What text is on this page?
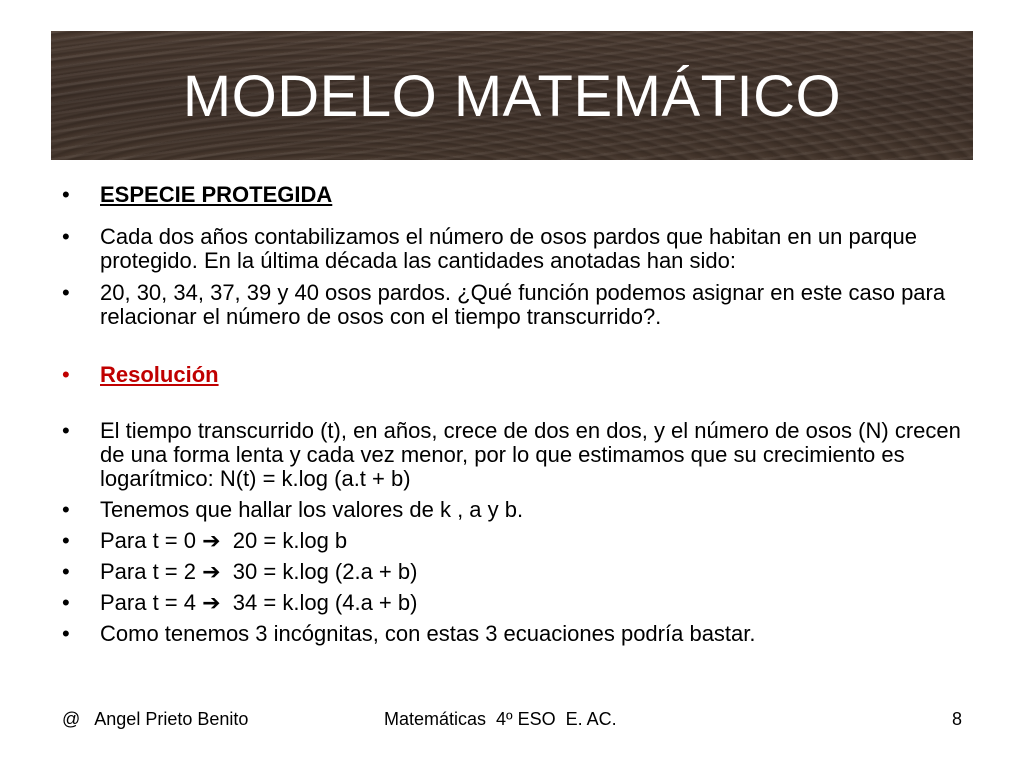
MODELO MATEMÁTICO
• ESPECIE PROTEGIDA
• Cada dos años contabilizamos el número de osos pardos que habitan en un parque protegido. En la última década las cantidades anotadas han sido:
• 20, 30, 34, 37, 39 y 40 osos pardos. ¿Qué función podemos asignar en este caso para relacionar el número de osos con el tiempo transcurrido?.
• Resolución
• El tiempo transcurrido (t), en años, crece de dos en dos, y el número de osos (N) crecen de una forma lenta y cada vez menor, por lo que estimamos que su crecimiento es logarítmico: N(t) = k.log (a.t + b)
• Tenemos que hallar los valores de k , a y b.
• Para t = 0 ➔  20 = k.log b
• Para t = 2 ➔  30 = k.log (2.a + b)
• Para t = 4 ➔  34 = k.log (4.a + b)
• Como tenemos 3 incógnitas, con estas 3 ecuaciones podría bastar.
@   Angel Prieto Benito	Matemáticas  4º ESO  E. AC.	8
